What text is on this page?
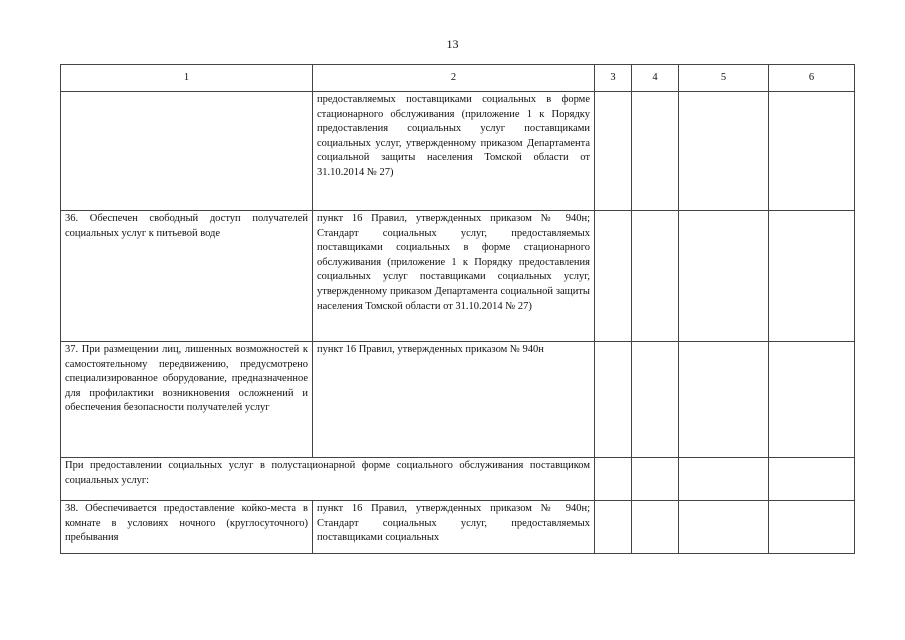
13
1	2	3	4	5	6
	предоставляемых поставщиками социальных в форме стационарного обслуживания (приложение 1 к Порядку предоставления социальных услуг поставщиками социальных услуг, утвержденному приказом Департамента социальной защиты населения Томской области от 31.10.2014 № 27)				
36. Обеспечен свободный доступ получателей социальных услуг к питьевой воде	пункт 16 Правил, утвержденных приказом № 940н; Стандарт социальных услуг, предоставляемых поставщиками социальных в форме стационарного обслуживания (приложение 1 к Порядку предоставления социальных услуг поставщиками социальных услуг, утвержденному приказом Департамента социальной защиты населения Томской области от 31.10.2014 № 27)				
37. При размещении лиц, лишенных возможностей к самостоятельному передвижению, предусмотрено специализированное оборудование, предназначенное для профилактики возникновения осложнений и обеспечения безопасности получателей услуг	пункт 16 Правил, утвержденных приказом № 940н				
При предоставлении социальных услуг в полустационарной форме социального обслуживания поставщиком социальных услуг:					
38. Обеспечивается предоставление койко-места в комнате в условиях ночного (круглосуточного) пребывания	пункт 16 Правил, утвержденных приказом № 940н; Стандарт социальных услуг, предоставляемых поставщиками социальных				
